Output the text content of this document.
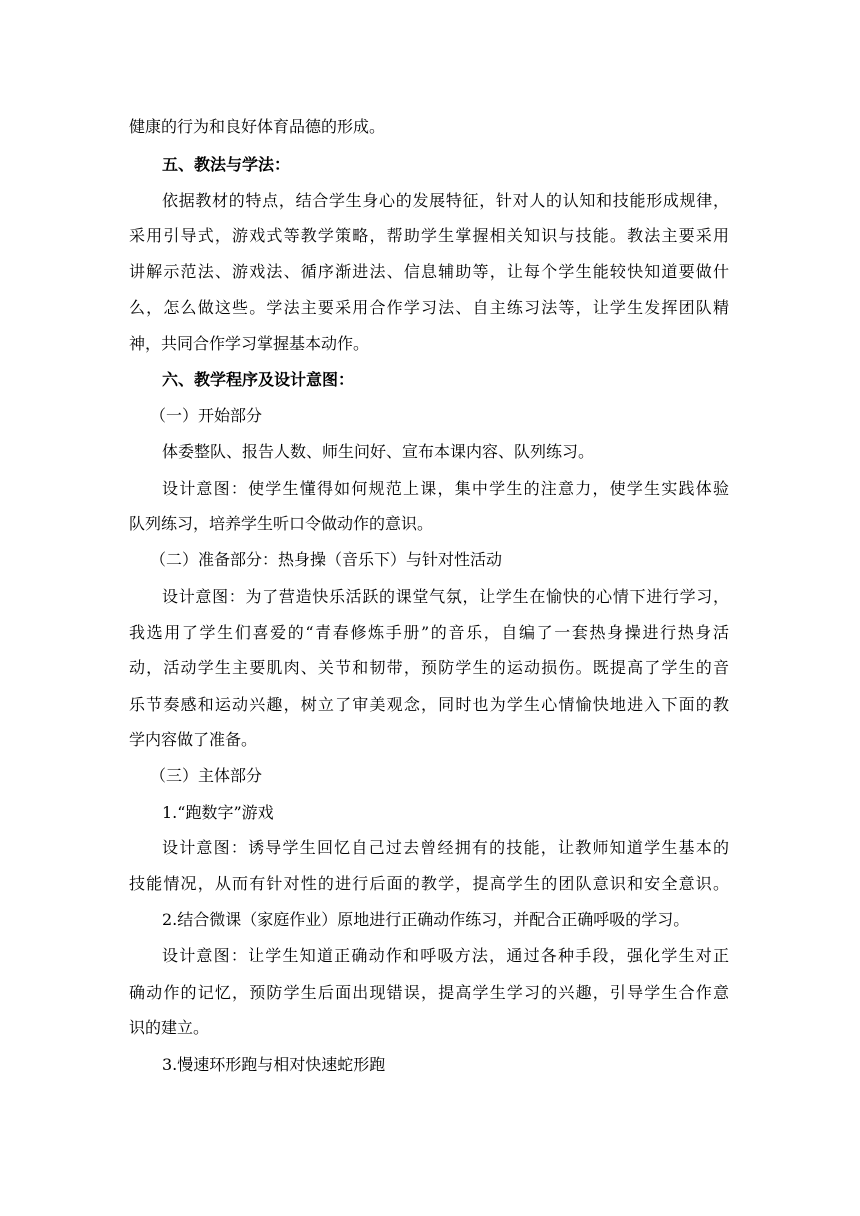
健康的行为和良好体育品德的形成。
五、教法与学法：
依据教材的特点，结合学生身心的发展特征，针对人的认知和技能形成规律，
采用引导式，游戏式等教学策略，帮助学生掌握相关知识与技能。教法主要采用
讲解示范法、游戏法、循序渐进法、信息辅助等，让每个学生能较快知道要做什
么，怎么做这些。学法主要采用合作学习法、自主练习法等，让学生发挥团队精
神，共同合作学习掌握基本动作。
六、教学程序及设计意图：
（一）开始部分
体委整队、报告人数、师生问好、宣布本课内容、队列练习。
设计意图：使学生懂得如何规范上课，集中学生的注意力，使学生实践体验
队列练习，培养学生听口令做动作的意识。
（二）准备部分：热身操（音乐下）与针对性活动
设计意图：为了营造快乐活跃的课堂气氛，让学生在愉快的心情下进行学习，
我选用了学生们喜爱的“青春修炼手册”的音乐，自编了一套热身操进行热身活
动，活动学生主要肌肉、关节和韧带，预防学生的运动损伤。既提高了学生的音
乐节奏感和运动兴趣，树立了审美观念，同时也为学生心情愉快地进入下面的教
学内容做了准备。
（三）主体部分
1.“跑数字”游戏
设计意图：诱导学生回忆自己过去曾经拥有的技能，让教师知道学生基本的
技能情况，从而有针对性的进行后面的教学，提高学生的团队意识和安全意识。
2.结合微课（家庭作业）原地进行正确动作练习，并配合正确呼吸的学习。
设计意图：让学生知道正确动作和呼吸方法，通过各种手段，强化学生对正
确动作的记忆，预防学生后面出现错误，提高学生学习的兴趣，引导学生合作意
识的建立。
3.慢速环形跑与相对快速蛇形跑
